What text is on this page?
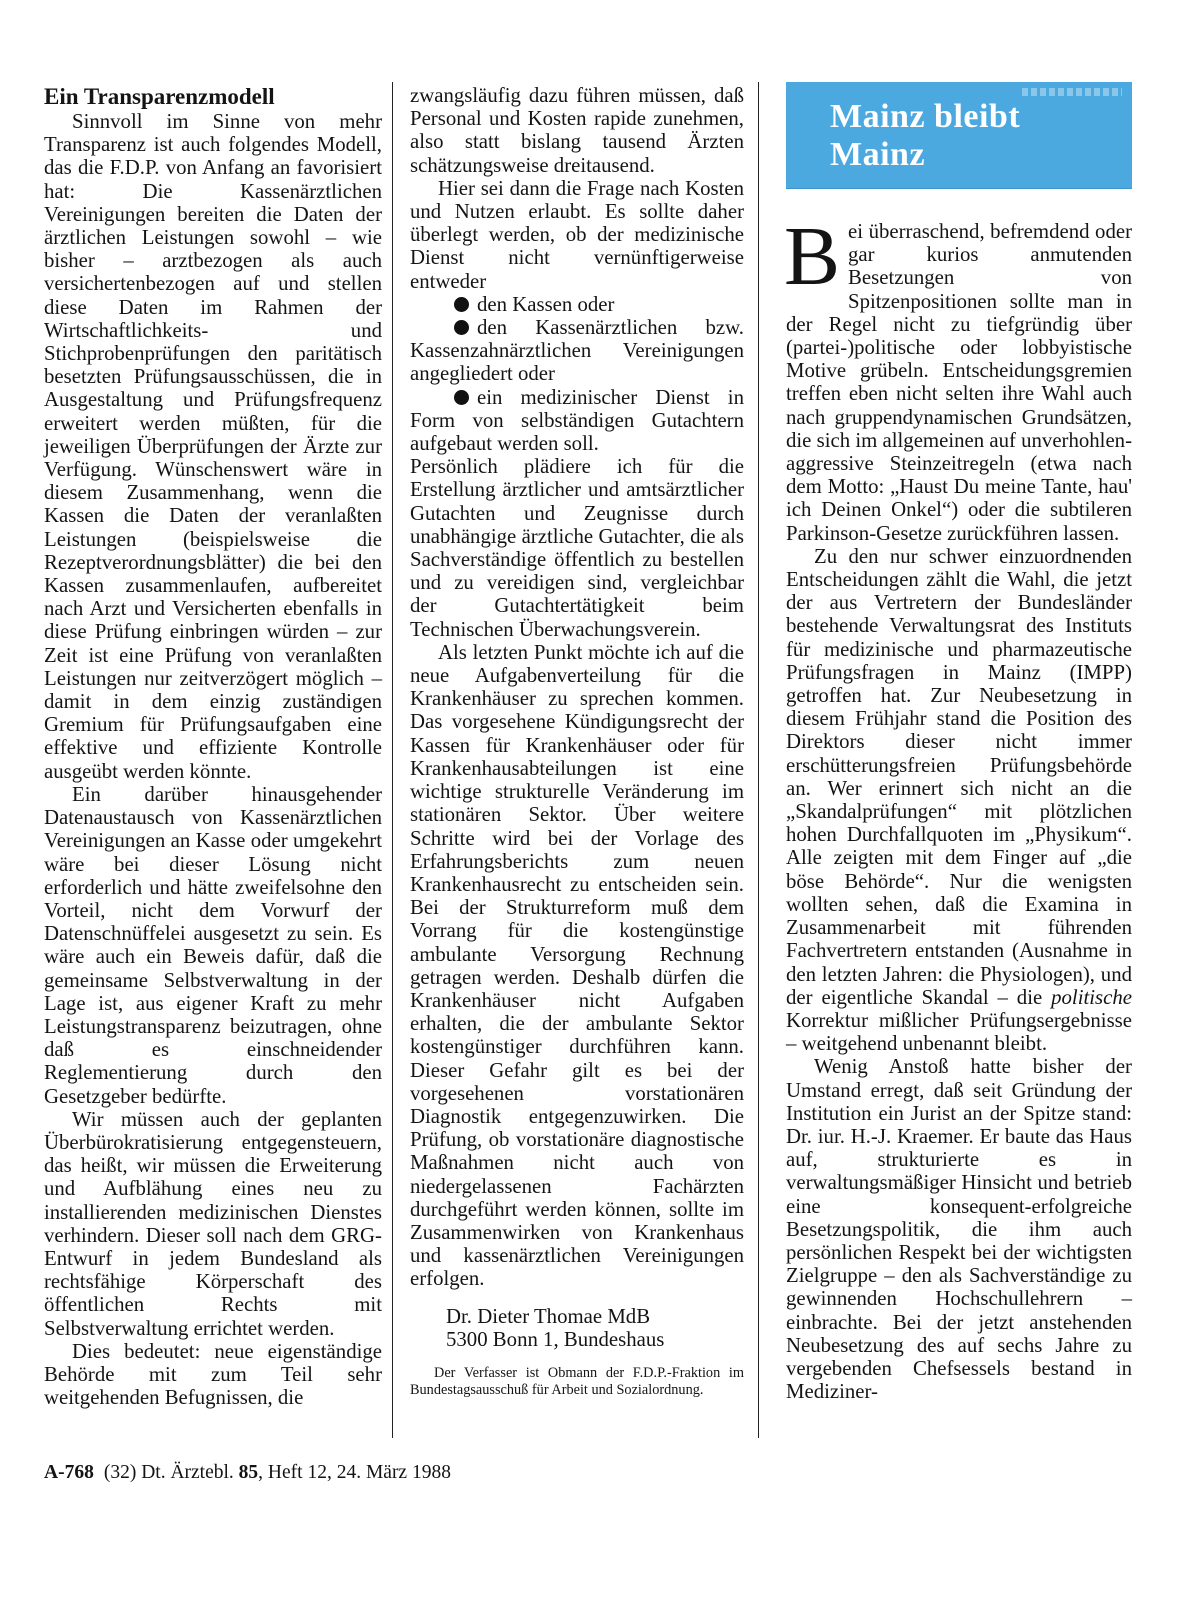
Ein Transparenzmodell

Sinnvoll im Sinne von mehr Transparenz ist auch folgendes Modell, das die F.D.P. von Anfang an favorisiert hat: Die Kassenärztlichen Vereinigungen bereiten die Daten der ärztlichen Leistungen sowohl – wie bisher – arztbezogen als auch versichertenbezogen auf und stellen diese Daten im Rahmen der Wirtschaftlichkeits- und Stichprobenprüfungen den paritätisch besetzten Prüfungsausschüssen, die in Ausgestaltung und Prüfungsfrequenz erweitert werden müßten, für die jeweiligen Überprüfungen der Ärzte zur Verfügung. Wünschenswert wäre in diesem Zusammenhang, wenn die Kassen die Daten der veranlaßten Leistungen (beispielsweise die Rezeptverordnungsblätter) die bei den Kassen zusammenlaufen, aufbereitet nach Arzt und Versicherten ebenfalls in diese Prüfung einbringen würden – zur Zeit ist eine Prüfung von veranlaßten Leistungen nur zeitverzögert möglich – damit in dem einzig zuständigen Gremium für Prüfungsaufgaben eine effektive und effiziente Kontrolle ausgeübt werden könnte.

Ein darüber hinausgehender Datenaustausch von Kassenärztlichen Vereinigungen an Kasse oder umgekehrt wäre bei dieser Lösung nicht erforderlich und hätte zweifelsohne den Vorteil, nicht dem Vorwurf der Datenschnüffelei ausgesetzt zu sein. Es wäre auch ein Beweis dafür, daß die gemeinsame Selbstverwaltung in der Lage ist, aus eigener Kraft zu mehr Leistungstransparenz beizutragen, ohne daß es einschneidender Reglementierung durch den Gesetzgeber bedürfte.

Wir müssen auch der geplanten Überbürokratisierung entgegensteuern, das heißt, wir müssen die Erweiterung und Aufblähung eines neu zu installierenden medizinischen Dienstes verhindern. Dieser soll nach dem GRG-Entwurf in jedem Bundesland als rechtsfähige Körperschaft des öffentlichen Rechts mit Selbstverwaltung errichtet werden.

Dies bedeutet: neue eigenständige Behörde mit zum Teil sehr weitgehenden Befugnissen, die

zwangsläufig dazu führen müssen, daß Personal und Kosten rapide zunehmen, also statt bislang tausend Ärzten schätzungsweise dreitausend.

Hier sei dann die Frage nach Kosten und Nutzen erlaubt. Es sollte daher überlegt werden, ob der medizinische Dienst nicht vernünftigerweise entweder

den Kassen oder

den Kassenärztlichen bzw. Kassenzahnärztlichen Vereinigungen angegliedert oder

ein medizinischer Dienst in Form von selbständigen Gutachtern aufgebaut werden soll.

Persönlich plädiere ich für die Erstellung ärztlicher und amtsärztlicher Gutachten und Zeugnisse durch unabhängige ärztliche Gutachter, die als Sachverständige öffentlich zu bestellen und zu vereidigen sind, vergleichbar der Gutachtertätigkeit beim Technischen Überwachungsverein.

Als letzten Punkt möchte ich auf die neue Aufgabenverteilung für die Krankenhäuser zu sprechen kommen. Das vorgesehene Kündigungsrecht der Kassen für Krankenhäuser oder für Krankenhausabteilungen ist eine wichtige strukturelle Veränderung im stationären Sektor. Über weitere Schritte wird bei der Vorlage des Erfahrungsberichts zum neuen Krankenhausrecht zu entscheiden sein. Bei der Strukturreform muß dem Vorrang für die kostengünstige ambulante Versorgung Rechnung getragen werden. Deshalb dürfen die Krankenhäuser nicht Aufgaben erhalten, die der ambulante Sektor kostengünstiger durchführen kann. Dieser Gefahr gilt es bei der vorgesehenen vorstationären Diagnostik entgegenzuwirken. Die Prüfung, ob vorstationäre diagnostische Maßnahmen nicht auch von niedergelassenen Fachärzten durchgeführt werden können, sollte im Zusammenwirken von Krankenhaus und kassenärztlichen Vereinigungen erfolgen.

Dr. Dieter Thomae MdB

5300 Bonn 1, Bundeshaus

Der Verfasser ist Obmann der F.D.P.-Fraktion im Bundestagsausschuß für Arbeit und Sozialordnung.

Mainz bleibt Mainz

Bei überraschend, befremdend oder gar kurios anmutenden Besetzungen von Spitzenpositionen sollte man in der Regel nicht zu tiefgründig über (partei-)politische oder lobbyistische Motive grübeln. Entscheidungsgremien treffen eben nicht selten ihre Wahl auch nach gruppendynamischen Grundsätzen, die sich im allgemeinen auf unverhohlen-aggressive Steinzeitregeln (etwa nach dem Motto: „Haust Du meine Tante, hau' ich Deinen Onkel“) oder die subtileren Parkinson-Gesetze zurückführen lassen.

Zu den nur schwer einzuordnenden Entscheidungen zählt die Wahl, die jetzt der aus Vertretern der Bundesländer bestehende Verwaltungsrat des Instituts für medizinische und pharmazeutische Prüfungsfragen in Mainz (IMPP) getroffen hat. Zur Neubesetzung in diesem Frühjahr stand die Position des Direktors dieser nicht immer erschütterungsfreien Prüfungsbehörde an. Wer erinnert sich nicht an die „Skandalprüfungen“ mit plötzlichen hohen Durchfallquoten im „Physikum“. Alle zeigten mit dem Finger auf „die böse Behörde“. Nur die wenigsten wollten sehen, daß die Examina in Zusammenarbeit mit führenden Fachvertretern entstanden (Ausnahme in den letzten Jahren: die Physiologen), und der eigentliche Skandal – die politische Korrektur mißlicher Prüfungsergebnisse – weitgehend unbenannt bleibt.

Wenig Anstoß hatte bisher der Umstand erregt, daß seit Gründung der Institution ein Jurist an der Spitze stand: Dr. iur. H.-J. Kraemer. Er baute das Haus auf, strukturierte es in verwaltungsmäßiger Hinsicht und betrieb eine konsequent-erfolgreiche Besetzungspolitik, die ihm auch persönlichen Respekt bei der wichtigsten Zielgruppe – den als Sachverständige zu gewinnenden Hochschullehrern – einbrachte. Bei der jetzt anstehenden Neubesetzung des auf sechs Jahre zu vergebenden Chefsessels bestand in Mediziner-

A-768 (32) Dt. Ärztebl. 85, Heft 12, 24. März 1988
